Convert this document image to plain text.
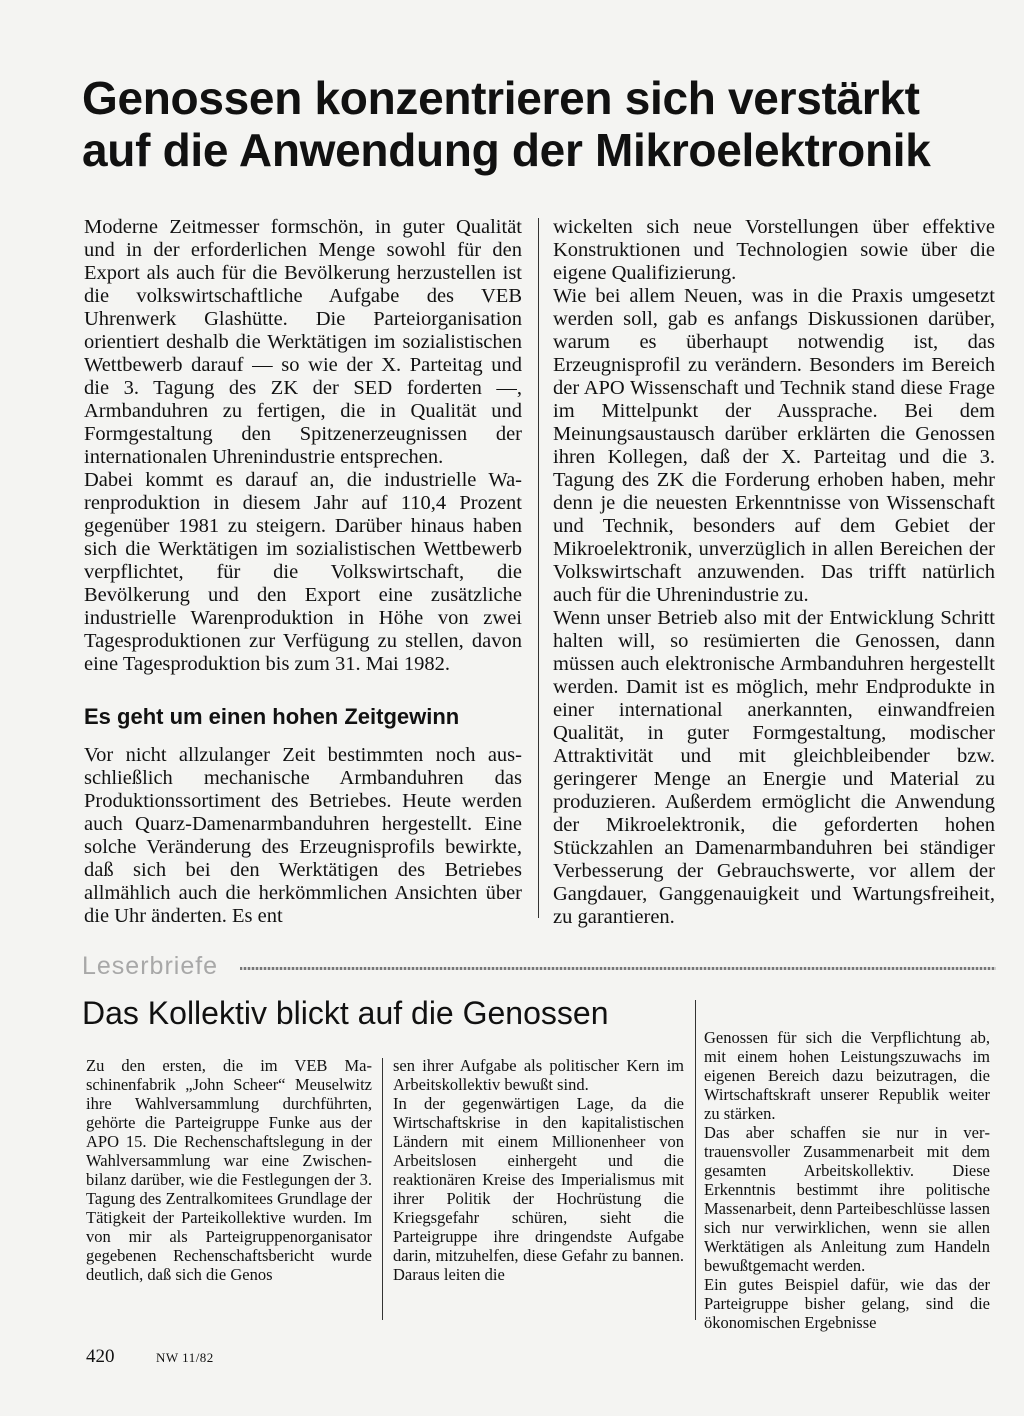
Genossen konzentrieren sich verstärkt
auf die Anwendung der Mikroelektronik

Moderne Zeitmesser formschön, in guter Qualität und in der erforderlichen Menge sowohl für den Export als auch für die Bevölkerung herzustellen ist die volkswirtschaftliche Aufgabe des VEB Uhrenwerk Glashütte. Die Parteiorganisation orientiert deshalb die Werktätigen im sozialistischen Wettbewerb darauf — so wie der X. Parteitag und die 3. Tagung des ZK der SED forderten —, Armbanduhren zu fertigen, die in Qualität und Formgestaltung den Spitzenerzeugnissen der internationalen Uhrenindustrie entsprechen.

Dabei kommt es darauf an, die industrielle Warenproduktion in diesem Jahr auf 110,4 Prozent gegenüber 1981 zu steigern. Darüber hinaus haben sich die Werktätigen im sozialistischen Wettbewerb verpflichtet, für die Volkswirtschaft, die Bevölkerung und den Export eine zusätzliche industrielle Warenproduktion in Höhe von zwei Tagesproduktionen zur Verfügung zu stellen, davon eine Tagesproduktion bis zum 31. Mai 1982.

Es geht um einen hohen Zeitgewinn

Vor nicht allzulanger Zeit bestimmten noch ausschließlich mechanische Armbanduhren das Produktionssortiment des Betriebes. Heute werden auch Quarz-Damenarmbanduhren hergestellt. Eine solche Veränderung des Erzeugnisprofils bewirkte, daß sich bei den Werktätigen des Betriebes allmählich auch die herkömmlichen Ansichten über die Uhr änderten. Es ent

wickelten sich neue Vorstellungen über effektive Konstruktionen und Technologien sowie über die eigene Qualifizierung.

Wie bei allem Neuen, was in die Praxis umgesetzt werden soll, gab es anfangs Diskussionen darüber, warum es überhaupt notwendig ist, das Erzeugnisprofil zu verändern. Besonders im Bereich der APO Wissenschaft und Technik stand diese Frage im Mittelpunkt der Aussprache. Bei dem Meinungsaustausch darüber erklärten die Genossen ihren Kollegen, daß der X. Parteitag und die 3. Tagung des ZK die Forderung erhoben haben, mehr denn je die neuesten Erkenntnisse von Wissenschaft und Technik, besonders auf dem Gebiet der Mikroelektronik, unverzüglich in allen Bereichen der Volkswirtschaft anzuwenden. Das trifft natürlich auch für die Uhrenindustrie zu.

Wenn unser Betrieb also mit der Entwicklung Schritt halten will, so resümierten die Genossen, dann müssen auch elektronische Armbanduhren hergestellt werden. Damit ist es möglich, mehr Endprodukte in einer international anerkannten, einwandfreien Qualität, in guter Formgestaltung, modischer Attraktivität und mit gleichbleibender bzw. geringerer Menge an Energie und Material zu produzieren. Außerdem ermöglicht die Anwendung der Mikroelektronik, die geforderten hohen Stückzahlen an Damenarmbanduhren bei ständiger Verbesserung der Gebrauchswerte, vor allem der Gangdauer, Ganggenauigkeit und Wartungsfreiheit, zu garantieren.

Leserbriefe
Das Kollektiv blickt auf die Genossen

Zu den ersten, die im VEB Maschinenfabrik „John Scheer“ Meuselwitz ihre Wahlversammlung durchführten, gehörte die Parteigruppe Funke aus der APO 15. Die Rechenschaftslegung in der Wahlversammlung war eine Zwischenbilanz darüber, wie die Festlegungen der 3. Tagung des Zentralkomitees Grundlage der Tätigkeit der Parteikollektive wurden. Im von mir als Parteigruppenorganisator gegebenen Rechenschaftsbericht wurde deutlich, daß sich die Genos

sen ihrer Aufgabe als politischer Kern im Arbeitskollektiv bewußt sind.

In der gegenwärtigen Lage, da die Wirtschaftskrise in den kapitalistischen Ländern mit einem Millionenheer von Arbeitslosen einhergeht und die reaktionären Kreise des Imperialismus mit ihrer Politik der Hochrüstung die Kriegsgefahr schüren, sieht die Parteigruppe ihre dringendste Aufgabe darin, mitzuhelfen, diese Gefahr zu bannen. Daraus leiten die

Genossen für sich die Verpflichtung ab, mit einem hohen Leistungszuwachs im eigenen Bereich dazu beizutragen, die Wirtschaftskraft unserer Republik weiter zu stärken.

Das aber schaffen sie nur in vertrauensvoller Zusammenarbeit mit dem gesamten Arbeitskollektiv. Diese Erkenntnis bestimmt ihre politische Massenarbeit, denn Parteibeschlüsse lassen sich nur verwirklichen, wenn sie allen Werktätigen als Anleitung zum Handeln bewußtgemacht werden.

Ein gutes Beispiel dafür, wie das der Parteigruppe bisher gelang, sind die ökonomischen Ergebnisse

420	NW 11/82
